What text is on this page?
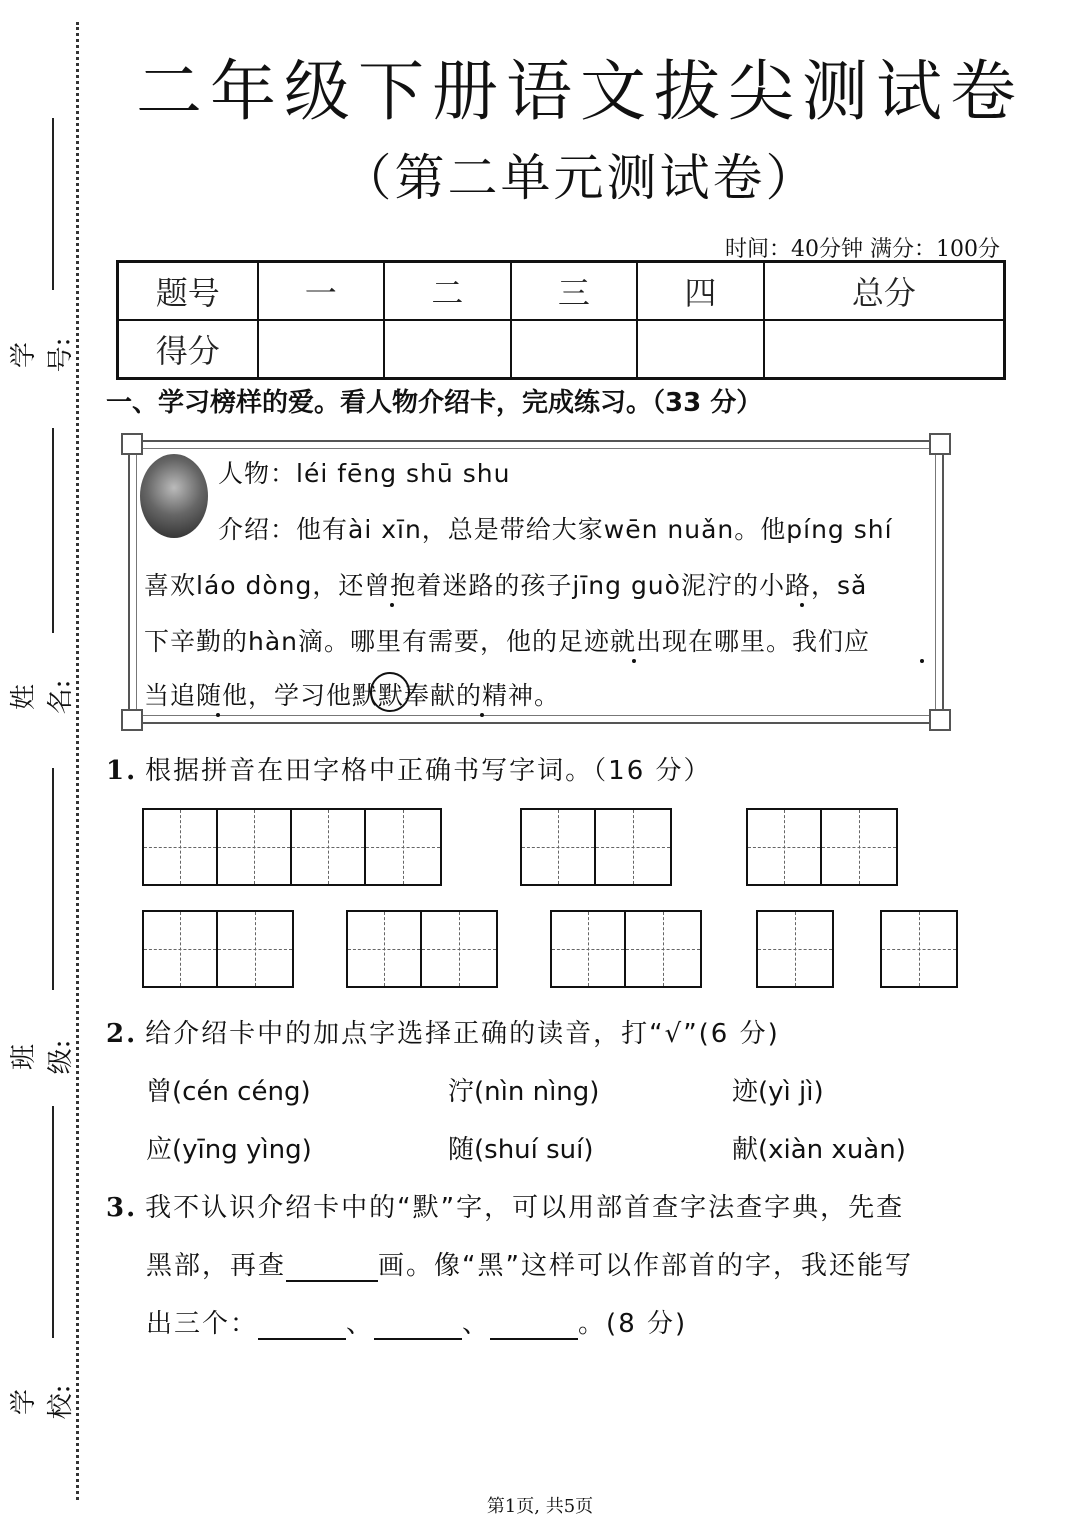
学号:
姓名:
班级:
学校:
二年级下册语文拔尖测试卷
（第二单元测试卷）
时间：40分钟 满分：100分
题号	一	二	三	四	总分
得分					
一、学习榜样的爱。看人物介绍卡，完成练习。（33 分）
人物：léi fēng shū shu
介绍：他有ài xīn，总是带给大家wēn nuǎn。他píng shí
喜欢láo dòng，还曾抱着迷路的孩子jīng guò泥泞的小路，sǎ
下辛勤的hàn滴。哪里有需要，他的足迹就出现在哪里。我们应
当追随他，学习他默默奉献的精神。
1. 根据拼音在田字格中正确书写字词。（16 分）
2. 给介绍卡中的加点字选择正确的读音，打“√”(6 分)
曾(cén céng)	泞(nìn nìng)	迹(yì jì)
应(yīng yìng)	随(shuí suí)	献(xiàn xuàn)
3. 我不认识介绍卡中的“默”字，可以用部首查字法查字典，先查
黑部，再查	画。像“黑”这样可以作部首的字，我还能写
出三个：	、	、	。(8 分)
第1页, 共5页
